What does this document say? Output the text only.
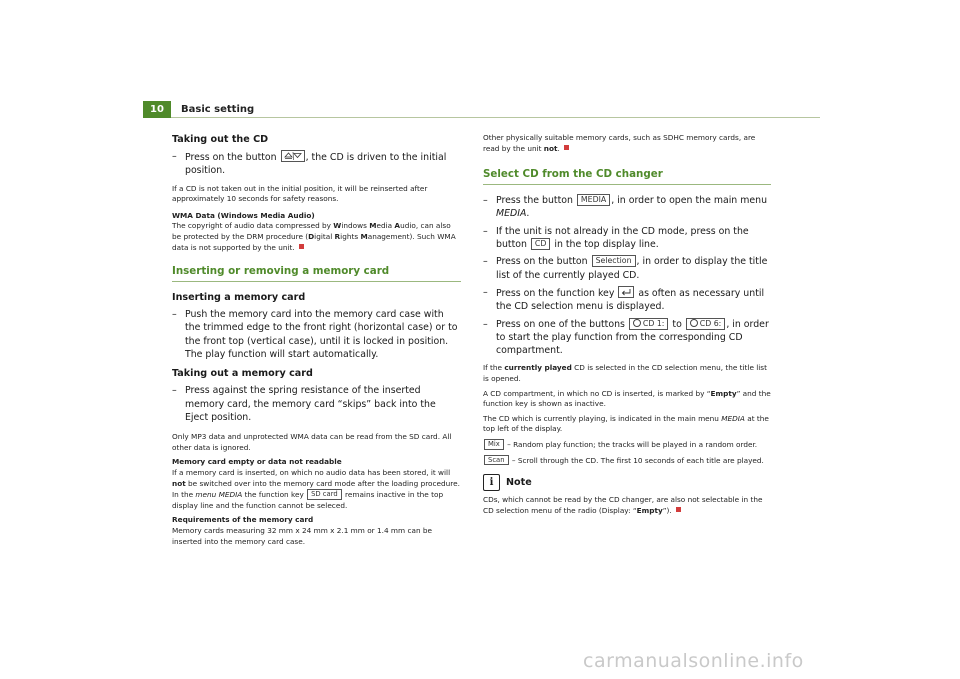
10	Basic setting
Taking out the CD

– Press on the button	, the CD is driven to the initial position.

If a CD is not taken out in the initial position, it will be reinserted after approximately 10 seconds for safety reasons.

WMA Data (Windows Media Audio)

The copyright of audio data compressed by Windows Media Audio, can also be protected by the DRM procedure (Digital Rights Management). Such WMA data is not supported by the unit.

Inserting or removing a memory card
Inserting a memory card

– Push the memory card into the memory card case with the trimmed edge to the front right (horizontal case) or to the front top (vertical case), until it is locked in position. The play function will start automatically.

Taking out a memory card

– Press against the spring resistance of the inserted memory card, the memory card “skips” back into the Eject position.

Only MP3 data and unprotected WMA data can be read from the SD card. All other data is ignored.

Memory card empty or data not readable

If a memory card is inserted, on which no audio data has been stored, it will not be switched over into the memory card mode after the loading procedure. In the menu MEDIA the function key SD card remains inactive in the top display line and the function cannot be seleced.

Requirements of the memory card

Memory cards measuring 32 mm x 24 mm x 2.1 mm or 1.4 mm can be inserted into the memory card case.

Other physically suitable memory cards, such as SDHC memory cards, are read by the unit not.

Select CD from the CD changer

– Press the button MEDIA , in order to open the main menu MEDIA.

– If the unit is not already in the CD mode, press on the button CD in the top display line.

– Press on the button Selection , in order to display the title list of the currently played CD.

– Press on the function key  as often as necessary until the CD selection menu is displayed.

– Press on one of the buttons CD 1: to CD 6: , in order to start the play function from the corresponding CD compartment.

If the currently played CD is selected in the CD selection menu, the title list is opened.

A CD compartment, in which no CD is inserted, is marked by “Empty” and the function key is shown as inactive.

The CD which is currently playing, is indicated in the main menu MEDIA at the top left of the display.

Mix – Random play function; the tracks will be played in a random order.

Scan – Scroll through the CD. The first 10 seconds of each title are played.

i	Note

CDs, which cannot be read by the CD changer, are also not selectable in the CD selection menu of the radio (Display: “Empty”).

carmanualsonline.info
